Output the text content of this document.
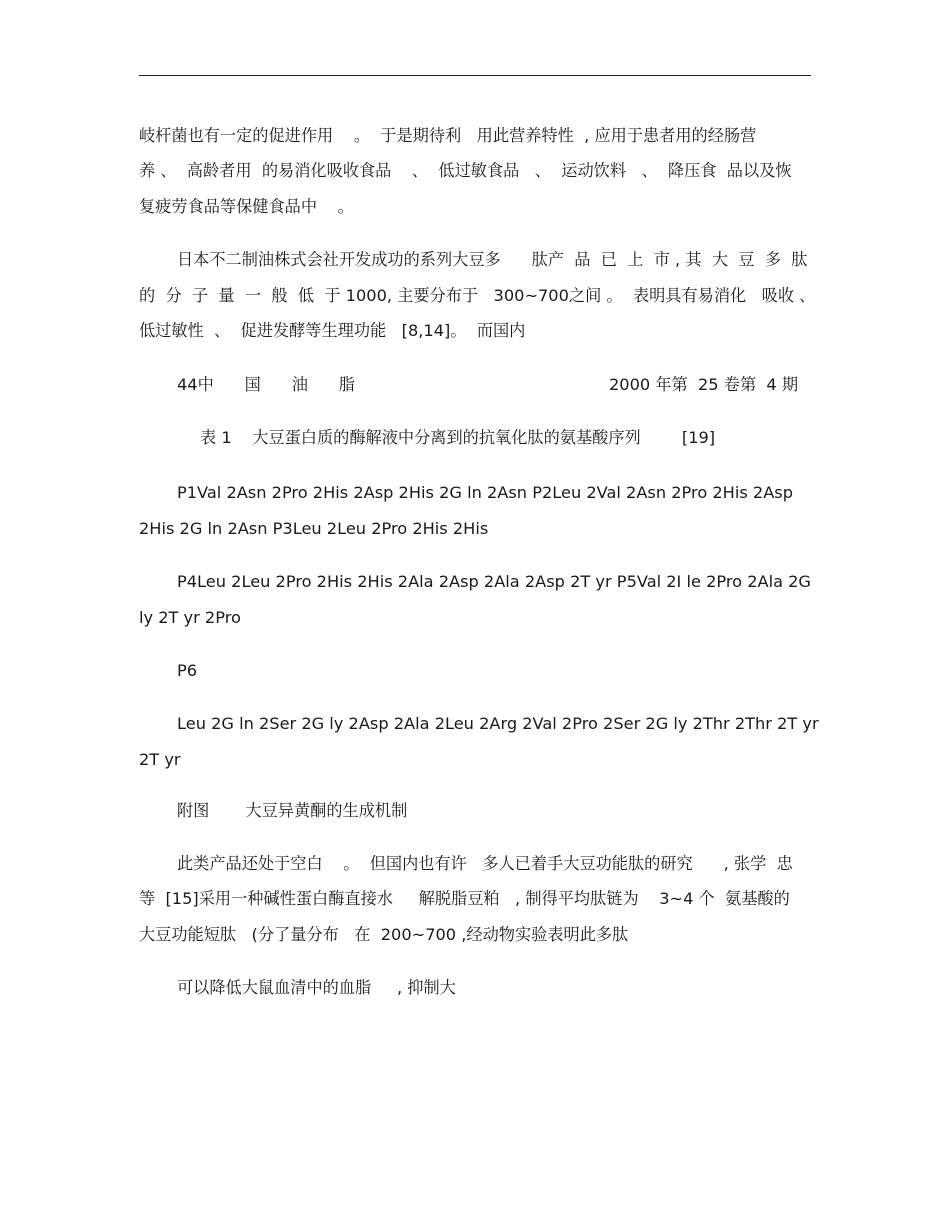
岐杆菌也有一定的促进作用    。  于是期待利   用此营养特性  , 应用于患者用的经肠营
养 、  高龄者用  的易消化吸收食品    、  低过敏食品   、  运动饮料   、  降压食  品以及恢
复疲劳食品等保健食品中    。
日本不二制油株式会社开发成功的系列大豆多      肽产  品  已  上  市 , 其  大  豆  多  肽
的  分  子  量  一  般  低  于 1000, 主要分布于   300~700之间 。  表明具有易消化   吸收 、
低过敏性  、  促进发酵等生理功能   [8,14]。  而国内
44中      国      油      脂	2000 年第  25 卷第  4 期
表 1    大豆蛋白质的酶解液中分离到的抗氧化肽的氨基酸序列        [19]
P1Val 2Asn 2Pro 2His 2Asp 2His 2G ln 2Asn P2Leu 2Val 2Asn 2Pro 2His 2Asp
2His 2G ln 2Asn P3Leu 2Leu 2Pro 2His 2His
P4Leu 2Leu 2Pro 2His 2His 2Ala 2Asp 2Ala 2Asp 2T yr P5Val 2I le 2Pro 2Ala 2G
ly 2T yr 2Pro
P6
Leu 2G ln 2Ser 2G ly 2Asp 2Ala 2Leu 2Arg 2Val 2Pro 2Ser 2G ly 2Thr 2Thr 2T yr
2T yr
附图       大豆异黄酮的生成机制
此类产品还处于空白    。  但国内也有许   多人已着手大豆功能肽的研究      , 张学  忠
等  [15]采用一种碱性蛋白酶直接水     解脱脂豆粕   , 制得平均肽链为    3~4 个  氨基酸的
大豆功能短肽   (分了量分布   在  200~700 ,经动物实验表明此多肽
可以降低大鼠血清中的血脂     , 抑制大
